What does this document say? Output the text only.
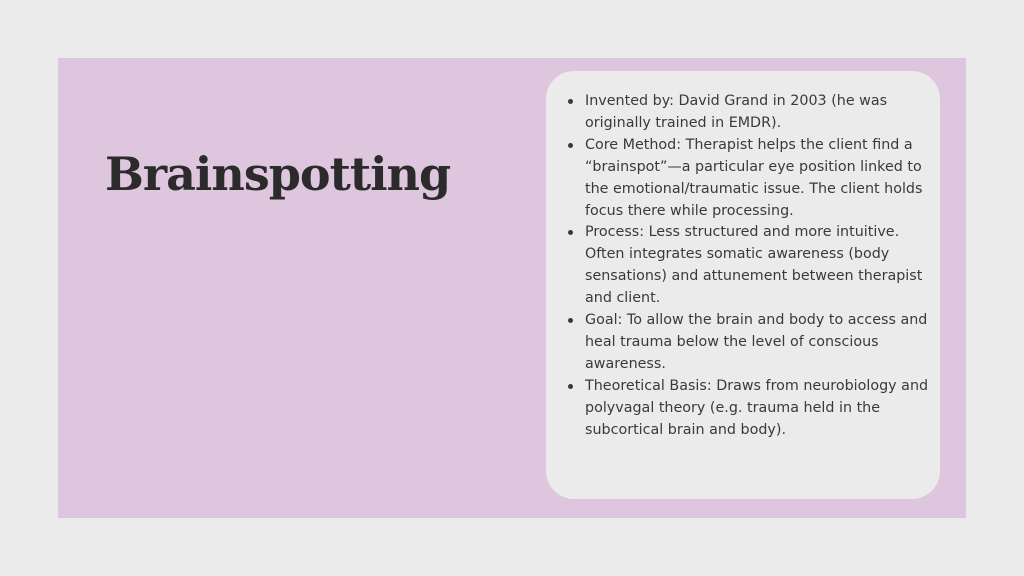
Brainspotting
Invented by: David Grand in 2003 (he was originally trained in EMDR).
Core Method: Therapist helps the client find a “brainspot”—a particular eye position linked to the emotional/traumatic issue. The client holds focus there while processing.
Process: Less structured and more intuitive. Often integrates somatic awareness (body sensations) and attunement between therapist and client.
Goal: To allow the brain and body to access and heal trauma below the level of conscious awareness.
Theoretical Basis: Draws from neurobiology and polyvagal theory (e.g. trauma held in the subcortical brain and body).
